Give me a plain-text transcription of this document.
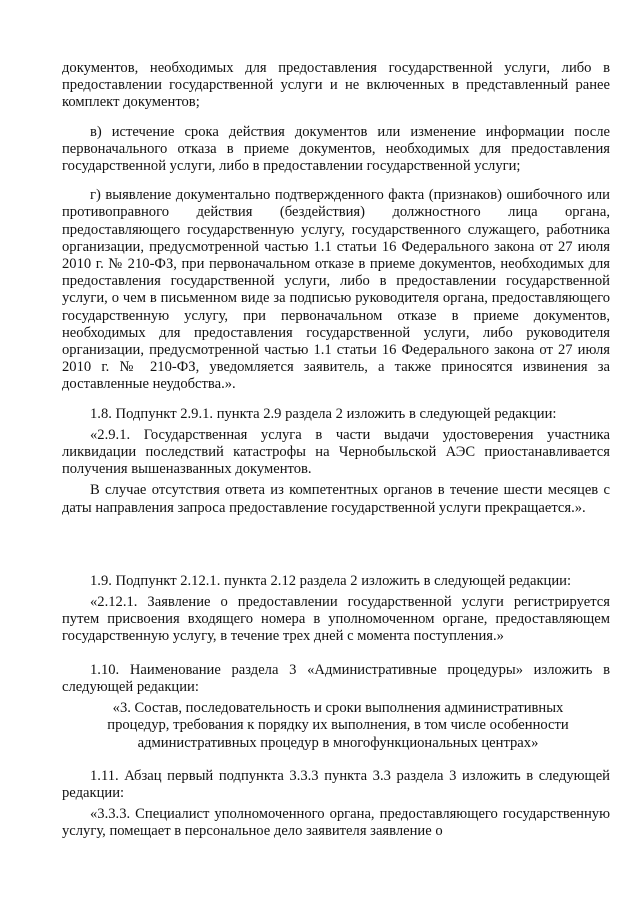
документов, необходимых для предоставления государственной услуги, либо в предоставлении государственной услуги и не включенных в представленный ранее комплект документов;

в) истечение срока действия документов или изменение информации после первоначального отказа в приеме документов, необходимых для предоставления государственной услуги, либо в предоставлении государственной услуги;

г) выявление документально подтвержденного факта (признаков) ошибочного или противоправного действия (бездействия) должностного лица органа, предоставляющего государственную услугу, государственного служащего, работника организации, предусмотренной частью 1.1 статьи 16 Федерального закона от 27 июля 2010 г. № 210-ФЗ, при первоначальном отказе в приеме документов, необходимых для предоставления государственной услуги, либо в предоставлении государственной услуги, о чем в письменном виде за подписью руководителя органа, предоставляющего государственную услугу, при первоначальном отказе в приеме документов, необходимых для предоставления государственной услуги, либо руководителя организации, предусмотренной частью 1.1 статьи 16 Федерального закона от 27 июля 2010 г. № 210-ФЗ, уведомляется заявитель, а также приносятся извинения за доставленные неудобства.».

1.8. Подпункт 2.9.1. пункта 2.9 раздела 2 изложить в следующей редакции:

«2.9.1. Государственная услуга в части выдачи удостоверения участника ликвидации последствий катастрофы на Чернобыльской АЭС приостанавливается получения вышеназванных документов.

В случае отсутствия ответа из компетентных органов в течение шести месяцев с даты направления запроса предоставление государственной услуги прекращается.».

1.9. Подпункт 2.12.1. пункта 2.12 раздела 2 изложить в следующей редакции:

«2.12.1. Заявление о предоставлении государственной услуги регистрируется путем присвоения входящего номера в уполномоченном органе, предоставляющем государственную услугу, в течение трех дней с момента поступления.»

1.10. Наименование раздела 3 «Административные процедуры» изложить в следующей редакции:

«3. Состав, последовательность и сроки выполнения административных процедур, требования к порядку их выполнения, в том числе особенности административных процедур в многофункциональных центрах»

1.11. Абзац первый подпункта 3.3.3 пункта 3.3 раздела 3 изложить в следующей редакции:

«3.3.3. Специалист уполномоченного органа, предоставляющего государственную услугу, помещает в персональное дело заявителя заявление о
